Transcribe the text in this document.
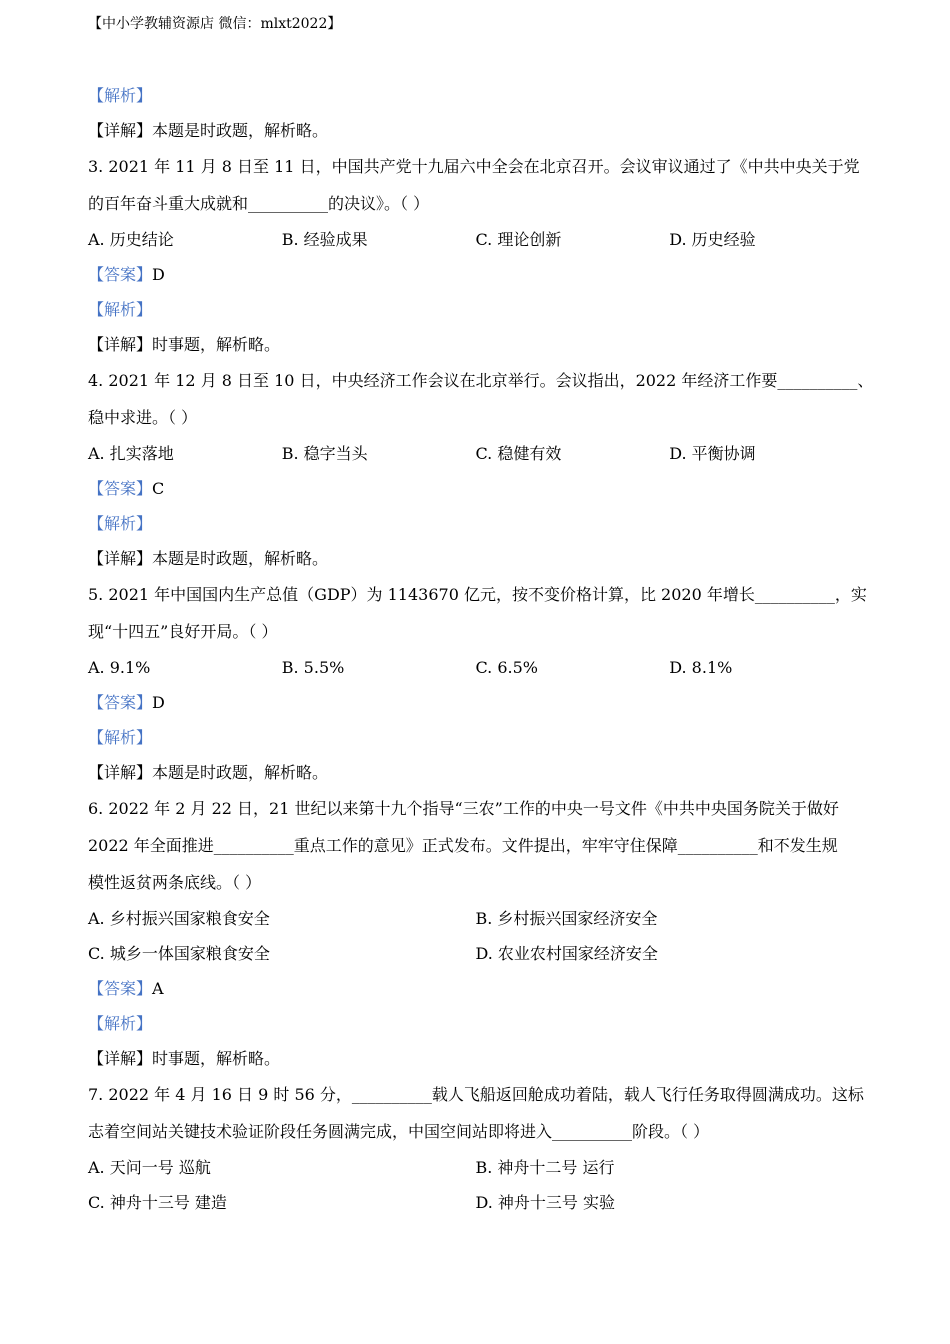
【中小学教辅资源店 微信：mlxt2022】
【解析】
【详解】本题是时政题，解析略。
3. 2021 年 11 月 8 日至 11 日，中国共产党十九届六中全会在北京召开。会议审议通过了《中共中央关于党
的百年奋斗重大成就和__________的决议》。（ ）
A. 历史结论	B. 经验成果	C. 理论创新	D. 历史经验
【答案】D
【解析】
【详解】时事题，解析略。
4. 2021 年 12 月 8 日至 10 日，中央经济工作会议在北京举行。会议指出，2022 年经济工作要__________、
稳中求进。（ ）
A. 扎实落地	B. 稳字当头	C. 稳健有效	D. 平衡协调
【答案】C
【解析】
【详解】本题是时政题，解析略。
5. 2021 年中国国内生产总值（GDP）为 1143670 亿元，按不变价格计算，比 2020 年增长__________，实
现“十四五”良好开局。（ ）
A. 9.1%	B. 5.5%	C. 6.5%	D. 8.1%
【答案】D
【解析】
【详解】本题是时政题，解析略。
6. 2022 年 2 月 22 日，21 世纪以来第十九个指导“三农”工作的中央一号文件《中共中央国务院关于做好
2022 年全面推进__________重点工作的意见》正式发布。文件提出，牢牢守住保障__________和不发生规
模性返贫两条底线。（ ）
A. 乡村振兴国家粮食安全	B. 乡村振兴国家经济安全
C. 城乡一体国家粮食安全	D. 农业农村国家经济安全
【答案】A
【解析】
【详解】时事题，解析略。
7. 2022 年 4 月 16 日 9 时 56 分，__________载人飞船返回舱成功着陆，载人飞行任务取得圆满成功。这标
志着空间站关键技术验证阶段任务圆满完成，中国空间站即将进入__________阶段。（ ）
A. 天问一号 巡航	B. 神舟十二号 运行
C. 神舟十三号 建造	D. 神舟十三号 实验
